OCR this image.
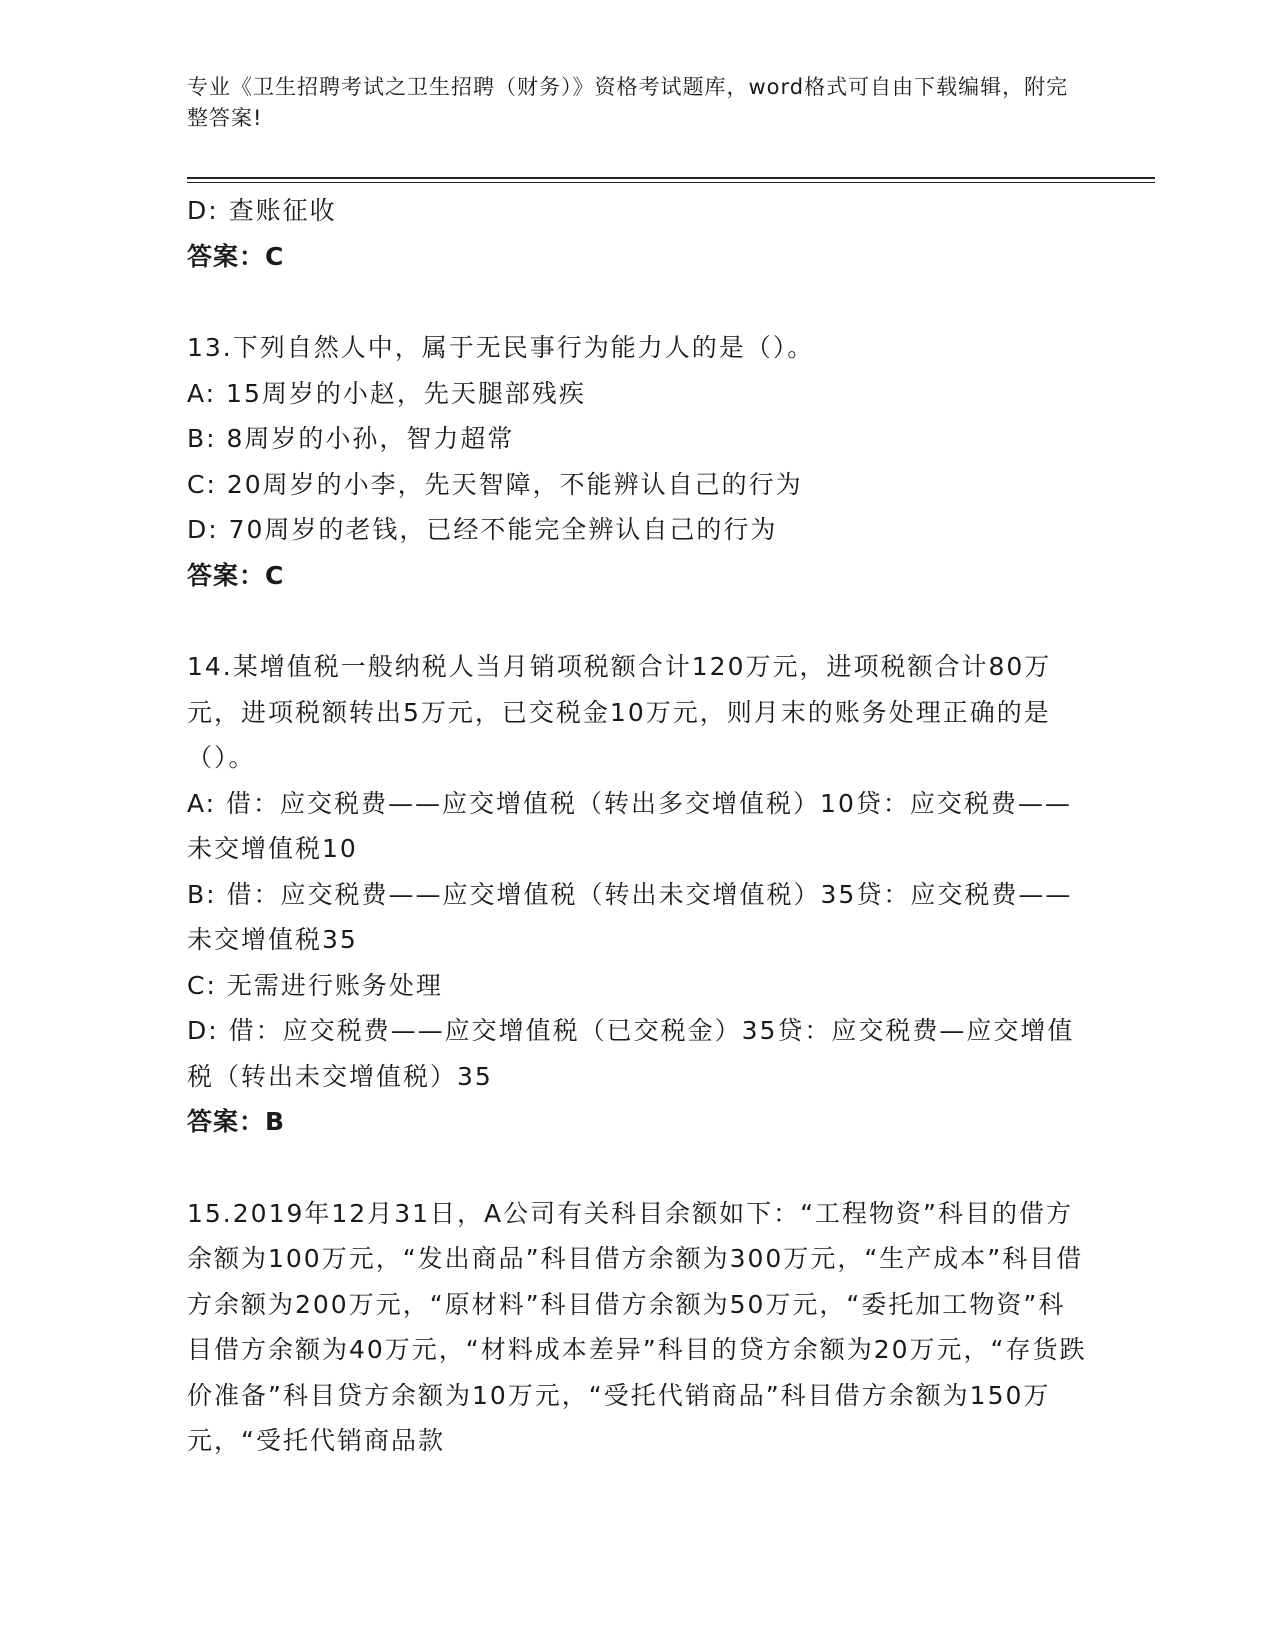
专业《卫生招聘考试之卫生招聘（财务）》资格考试题库，word格式可自由下载编辑，附完整答案!

D: 查账征收

答案：C

13.下列自然人中，属于无民事行为能力人的是（）。

A: 15周岁的小赵，先天腿部残疾

B: 8周岁的小孙，智力超常

C: 20周岁的小李，先天智障，不能辨认自己的行为

D: 70周岁的老钱，已经不能完全辨认自己的行为

答案：C

14.某增值税一般纳税人当月销项税额合计120万元，进项税额合计80万元，进项税额转出5万元，已交税金10万元，则月末的账务处理正确的是（）。

A: 借：应交税费——应交增值税（转出多交增值税）10贷：应交税费——未交增值税10

B: 借：应交税费——应交增值税（转出未交增值税）35贷：应交税费——未交增值税35

C: 无需进行账务处理

D: 借：应交税费——应交增值税（已交税金）35贷：应交税费—应交增值税（转出未交增值税）35

答案：B

15.2019年12月31日，A公司有关科目余额如下：“工程物资”科目的借方余额为100万元，“发出商品”科目借方余额为300万元，“生产成本”科目借方余额为200万元，“原材料”科目借方余额为50万元，“委托加工物资”科目借方余额为40万元，“材料成本差异”科目的贷方余额为20万元，“存货跌价准备”科目贷方余额为10万元，“受托代销商品”科目借方余额为150万元，“受托代销商品款
